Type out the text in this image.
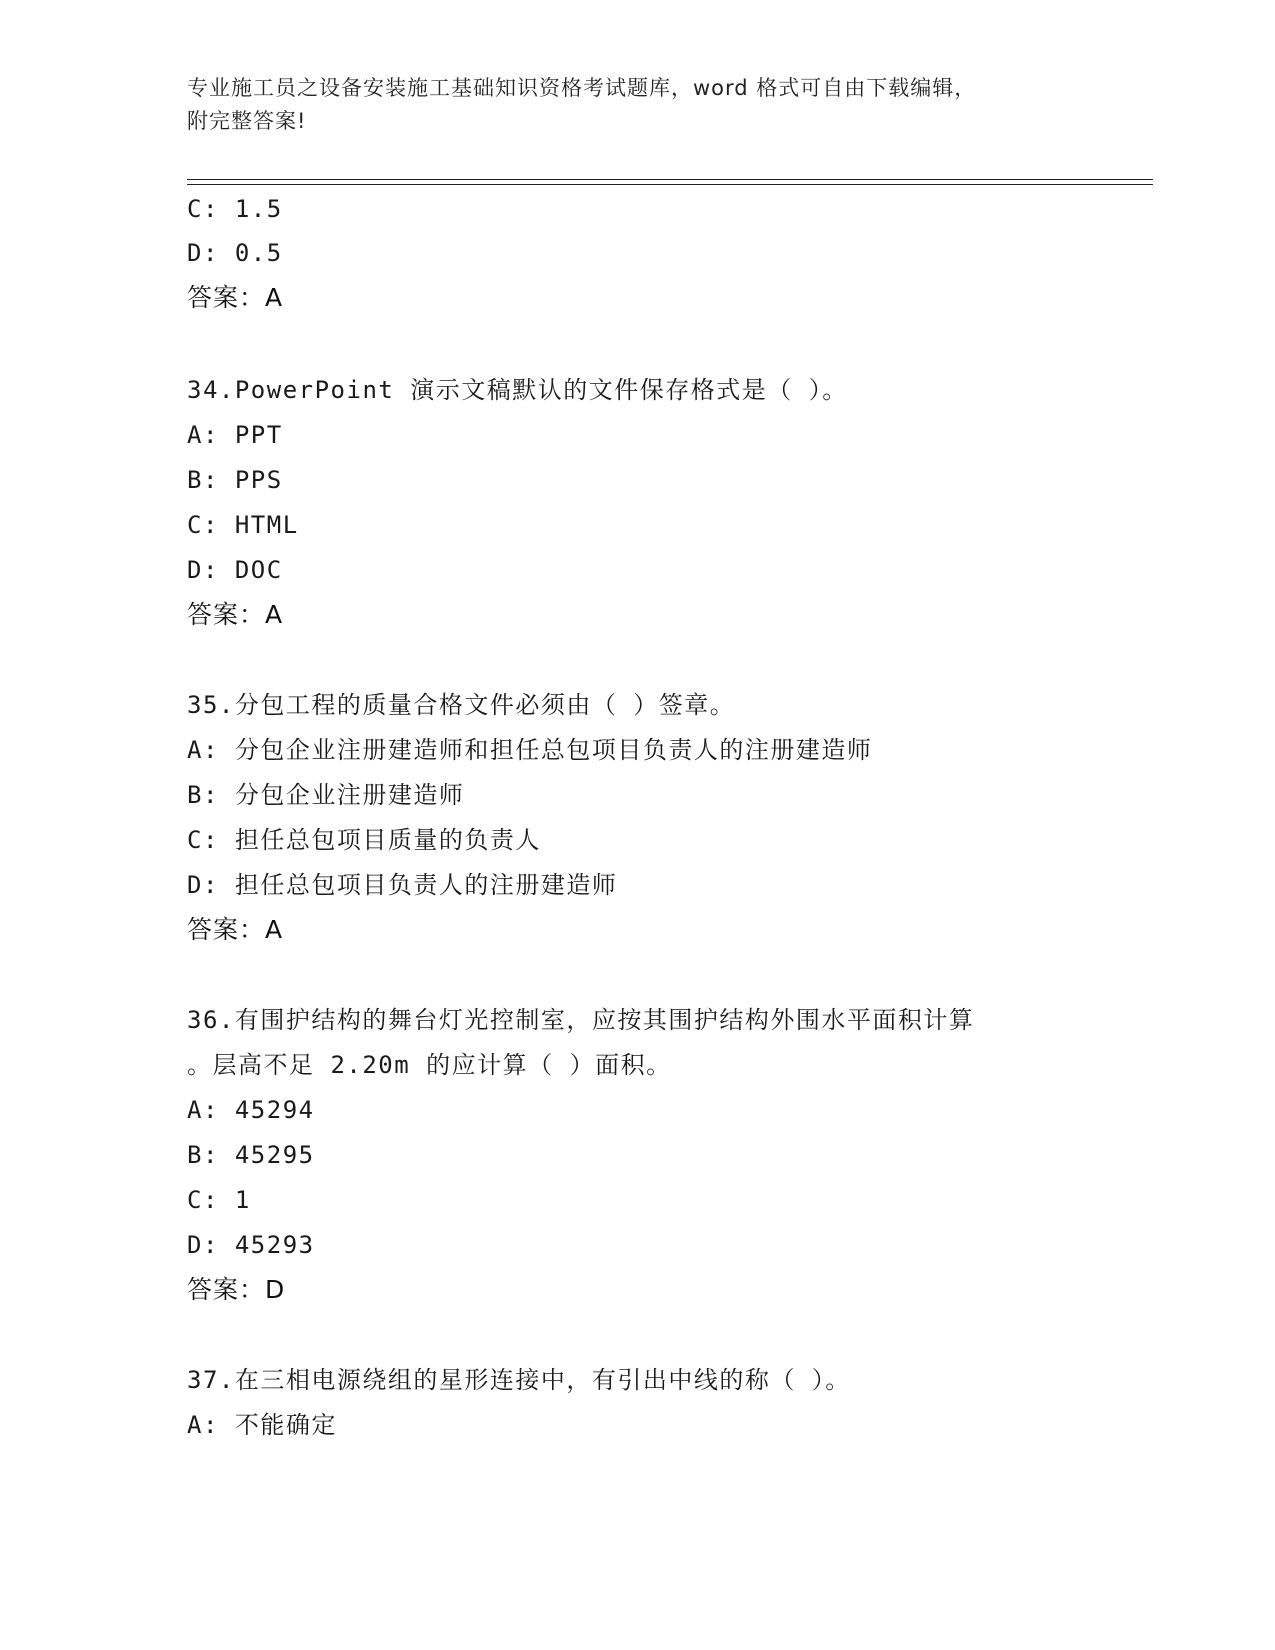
专业施工员之设备安装施工基础知识资格考试题库，word 格式可自由下载编辑，
附完整答案!
C: 1.5
D: 0.5
答案：A
34.PowerPoint 演示文稿默认的文件保存格式是（ ）。
A: PPT
B: PPS
C: HTML
D: DOC
答案：A
35.分包工程的质量合格文件必须由（ ）签章。
A: 分包企业注册建造师和担任总包项目负责人的注册建造师
B: 分包企业注册建造师
C: 担任总包项目质量的负责人
D: 担任总包项目负责人的注册建造师
答案：A
36.有围护结构的舞台灯光控制室，应按其围护结构外围水平面积计算
。层高不足 2.20m 的应计算（ ）面积。
A: 45294
B: 45295
C: 1
D: 45293
答案：D
37.在三相电源绕组的星形连接中，有引出中线的称（ ）。
A: 不能确定
